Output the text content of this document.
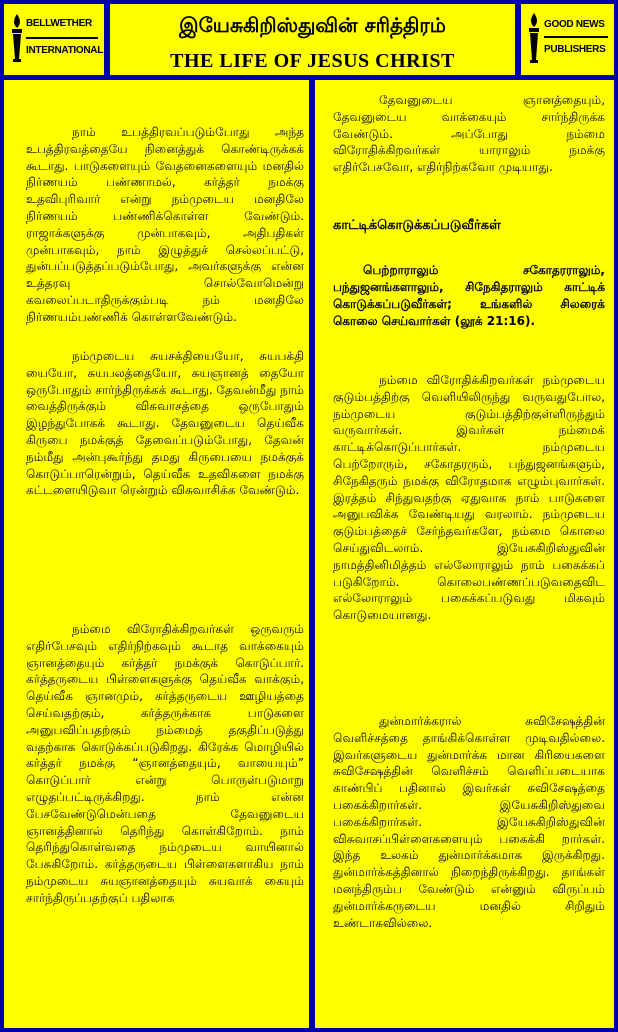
BELLWETHER
INTERNATIONAL
இயேசுகிறிஸ்துவின் சரித்திரம்
THE LIFE OF JESUS CHRIST
GOOD NEWS
PUBLISHERS

நாம் உபத்திரவப்படும்போது அந்த உபத்திரவத்தையே நினைத்துக் கொண்டிருக்கக் கூடாது. பாடுகளையும் வேதனைகளையும் மனதில் நிர்ணயம் பண்ணாமல், கர்த்தர் நமக்கு உதவிபுரிவார் என்று நம்முடைய மனதிலே நிர்ணயம் பண்ணிக்கொள்ள வேண்டும். ராஜாக்களுக்கு முன்பாகவும், அதிபதிகள் முன்பாகவும், நாம் இழுத்துச் செல்லப்பட்டு, துன்பப்படுத்தப்படும்போது, அவர்களுக்கு என்ன உத்தரவு சொல்வோமென்று கவலைப்படாதிருக்கும்படி நம் மனதிலே நிர்ணயம்பண்ணிக் கொள்ளவேண்டும்.

நம்முடைய சுயசக்தியையோ, சுயபக்தி யையோ, சுயபலத்தையோ, சுயஞானத் தையோ ஒருபோதும் சார்ந்திருக்கக் கூடாது. தேவன்மீது நாம் வைத்திருக்கும் விசுவாசத்தை ஒருபோதும் இழந்துபோகக் கூடாது. தேவனுடைய தெய்வீக கிருபை நமக்குத் தேவைப்படும்போது, தேவன் நம்மீது அன்புகூர்ந்து தமது கிருபையை நமக்குக் கொடுப்பாரென்றும், தெய்வீக உதவிகளை நமக்கு கட்டளையிடுவா ரென்றும் விசுவாசிக்க வேண்டும்.

நம்மை விரோதிக்கிறவர்கள் ஒருவரும் எதிர்பேசவும் எதிர்நிற்கவும் கூடாத வாக்கையும் ஞானத்தையும் கர்த்தர் நமக்குக் கொடுப்பார். கர்த்தருடைய பிள்ளைகளுக்கு தெய்வீக வாக்கும், தெய்வீக ஞானமும், கர்த்தருடைய ஊழியத்தை செய்வதற்கும், கர்த்தருக்காக பாடுகளை அனுபவிப்பதற்கும் நம்மைத் தகுதிப்படுத்து வதற்காக கொடுக்கப்படுகிறது. கிரேக்க மொழியில் கர்த்தர் நமக்கு “ஞானத்தையும், வாயையும்” கொடுப்பார் என்று பொருள்படுமாறு எழுதப்பட்டிருக்கிறது. நாம் என்ன பேசவேண்டுமென்பதை தேவனுடைய ஞானத்தினால் தெரிந்து கொள்கிறோம். நாம் தெரிந்துகொள்வதை நம்முடைய வாயினால் பேசுகிறோம். கர்த்தருடைய பிள்ளைகளாகிய நாம் நம்முடைய சுயஞானத்தையும் சுயவாக் கையும் சார்ந்திருப்பதற்குப் பதிலாக

தேவனுடைய ஞானத்தையும், தேவனுடைய வாக்கையும் சார்ந்திருக்க வேண்டும். அப்போது நம்மை விரோதிக்கிறவர்கள் யாராலும் நமக்கு எதிர்பேசவோ, எதிர்நிற்கவோ முடியாது.

காட்டிக்கொடுக்கப்படுவீர்கள்

பெற்றாராலும் சகோதரராலும், பந்துஜனங்களாலும், சிநேகிதராலும் காட்டிக் கொடுக்கப்படுவீர்கள்; உங்களில் சிலரைக் கொலை செய்வார்கள் (லூக் 21:16).

நம்மை விரோதிக்கிறவர்கள் நம்முடைய குடும்பத்திற்கு வெளியிலிருந்து வருவதுபோல, நம்முடைய குடும்பத்திற்குள்ளிருந்தும் வருவார்கள். இவர்கள் நம்மைக் காட்டிக்கொடுப்பார்கள். நம்முடைய பெற்றோரும், சகோதரரும், பந்துஜனங்களும், சிநேகிதரும் நமக்கு விரோதமாக எழும்புவார்கள். இரத்தம் சிந்துவதற்கு ஏதுவாக நாம் பாடுகளை அனுபவிக்க வேண்டியது வரலாம். நம்முடைய குடும்பத்தைச் சேர்ந்தவர்களே, நம்மை கொலை செய்துவிடலாம். இயேசுகிறிஸ்துவின் நாமத்தினிமித்தம் எல்லோராலும் நாம் பகைக்கப் படுகிறோம். கொலைபண்ணப்படுவதைவிட எல்லோராலும் பகைக்கப்படுவது மிகவும் கொடுமையானது.

துன்மார்க்கரால் சுவிசேஷத்தின் வெளிச்சத்தை தாங்கிக்கொள்ள முடிவதில்லை. இவர்களுடைய துன்மார்க்க மான கிரியைகளை சுவிசேஷத்தின் வெளிச்சம் வெளிப்படையாக காண்பிப் பதினால் இவர்கள் சுவிசேஷத்தை பகைக்கிறார்கள். இயேசுகிறிஸ்துவை பகைக்கிறார்கள். இயேசுகிறிஸ்துவின் விசுவாசப்பிள்ளைகளையும் பகைக்கி றார்கள். இந்த உலகம் துன்மார்க்கமாக இருக்கிறது. துன்மார்க்கத்தினால் நிறைந்திருக்கிறது. தாங்கள் மனந்திரும்ப வேண்டும் என்னும் விருப்பம் துன்மார்க்கருடைய மனதில் சிறிதும் உண்டாகவில்லை.
